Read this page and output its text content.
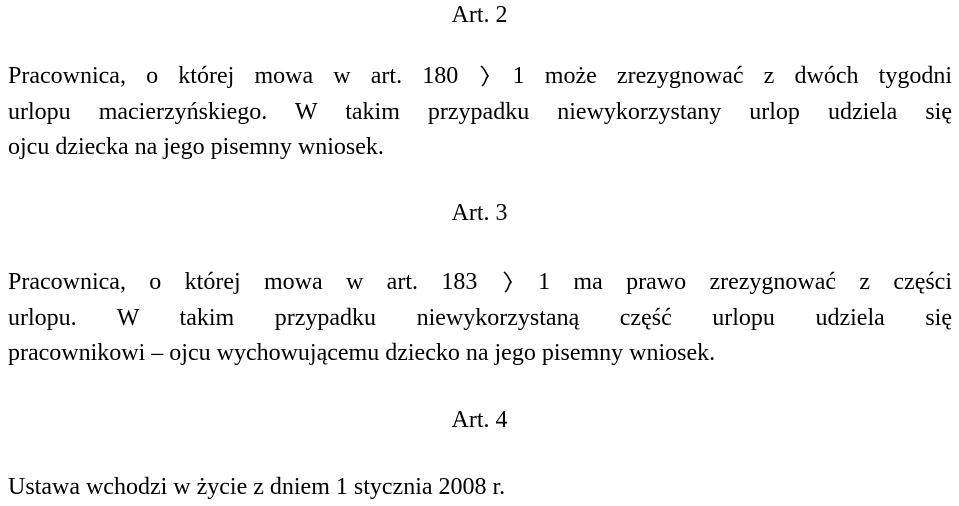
Art. 2
Pracownica, o której mowa w art. 180 1 może zrezygnować z dwóch tygodni
urlopu macierzyńskiego. W takim przypadku niewykorzystany urlop udziela się
ojcu dziecka na jego pisemny wniosek.
Art. 3
Pracownica, o której mowa w art. 183	1 ma prawo zrezygnować z części
urlopu. W takim przypadku niewykorzystaną część urlopu udziela się
pracownikowi – ojcu wychowującemu dziecko na jego pisemny wniosek.
Art. 4
Ustawa wchodzi w życie z dniem 1 stycznia 2008 r.
